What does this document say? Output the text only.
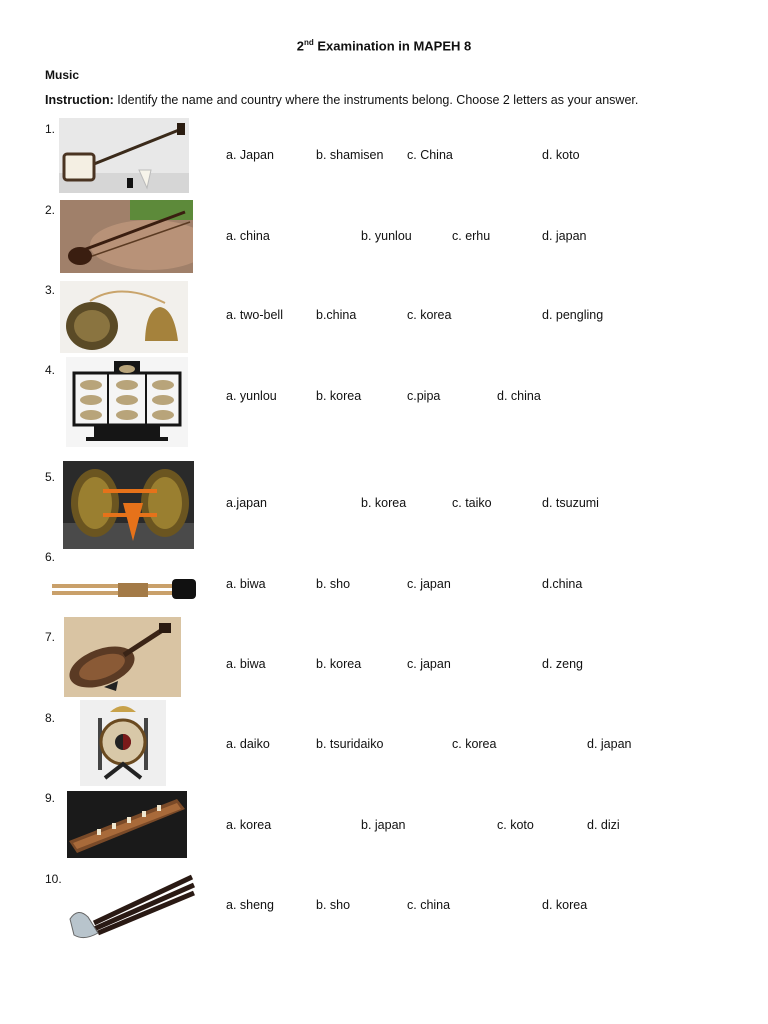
2nd Examination in MAPEH 8
Music
Instruction: Identify the name and country where the instruments belong. Choose 2 letters as your answer.
1.
a. Japan	b. shamisen c. China	d. koto
2.
a. china	b. yunlou	c. erhu	d. japan
3.
a. two-bell	b.china	c. korea	d. pengling
4.
a. yunlou	b. korea	c.pipa	d. china
5.
a.japan	b. korea	c. taiko	d. tsuzumi
6.
a. biwa	b. sho	c. japan	d.china
7.
a. biwa	b. korea	c. japan	d. zeng
8.
a. daiko	b. tsuridaiko	c. korea	d. japan
9.
a. korea	b. japan	c. koto	d. dizi
10.
a. sheng	b. sho	c. china	d. korea
